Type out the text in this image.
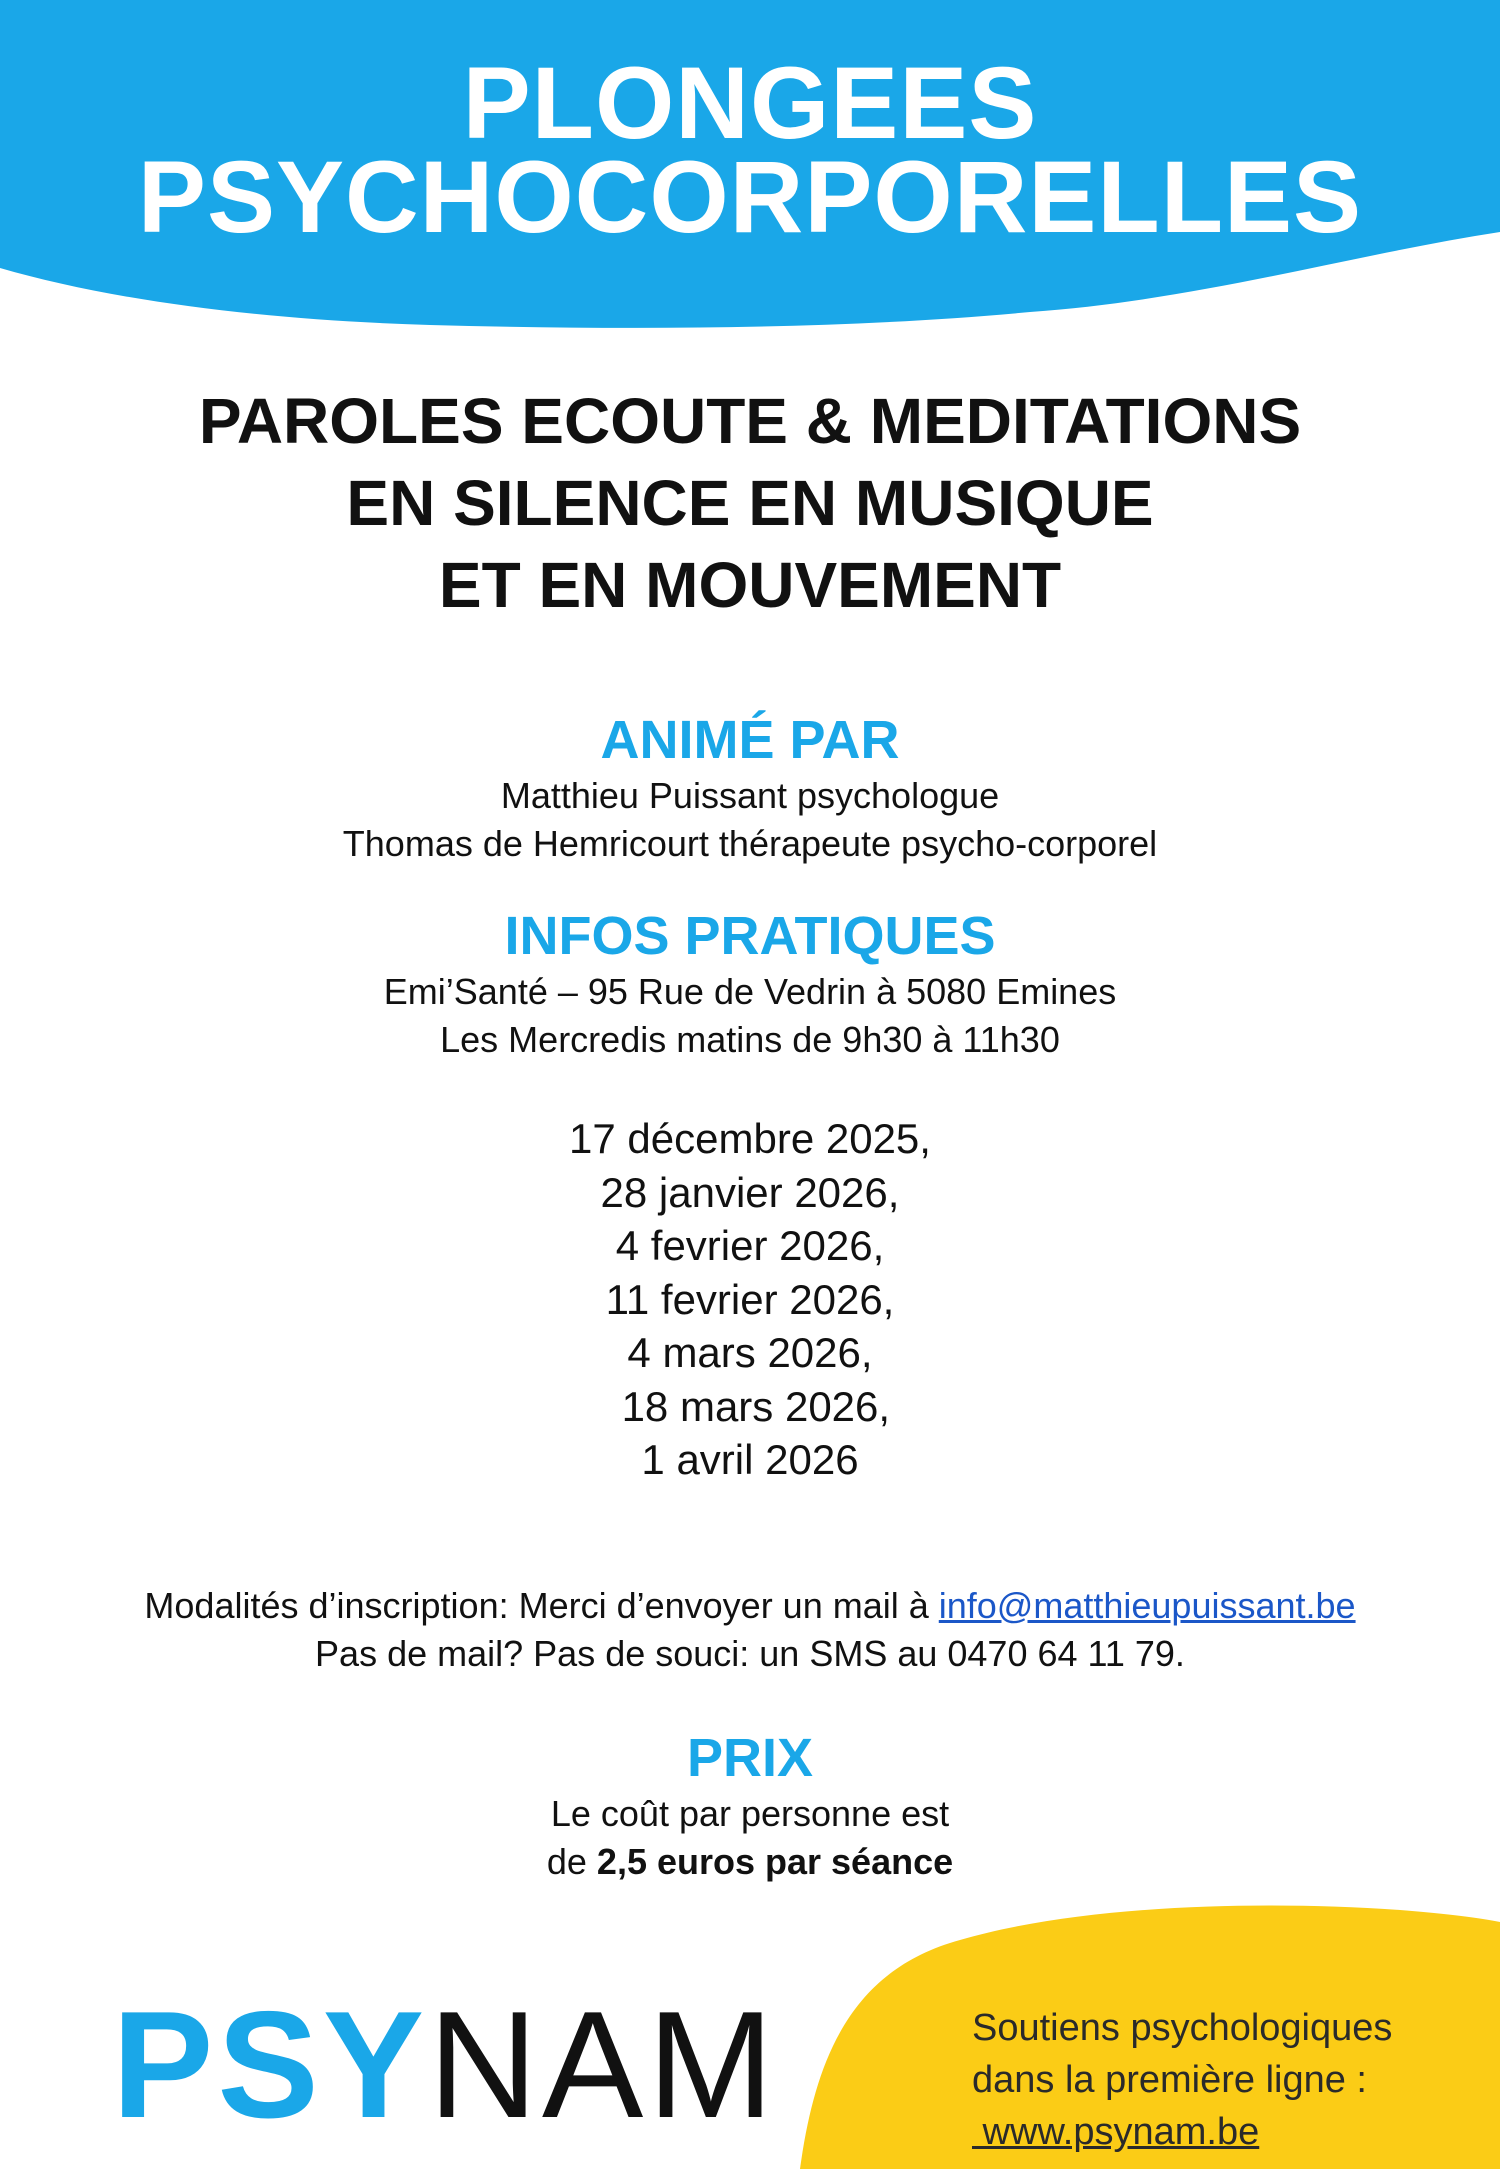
PLONGEES
PSYCHOCORPORELLES
PAROLES ECOUTE & MEDITATIONS
EN SILENCE EN MUSIQUE
ET EN MOUVEMENT
ANIMÉ PAR
Matthieu Puissant psychologue
Thomas de Hemricourt thérapeute psycho-corporel
INFOS PRATIQUES
Emi’Santé – 95 Rue de Vedrin à 5080 Emines
Les Mercredis matins de 9h30 à 11h30
17 décembre 2025,
28 janvier 2026,
4 fevrier 2026,
11 fevrier 2026,
4 mars 2026,
18 mars 2026,
1 avril 2026
Modalités d’inscription: Merci d’envoyer un mail à info@matthieupuissant.be
Pas de mail? Pas de souci: un SMS au 0470 64 11 79.
PRIX
Le coût par personne est
de 2,5 euros par séance
PSYNAM	Soutiens psychologiques
dans la première ligne :
www.psynam.be
